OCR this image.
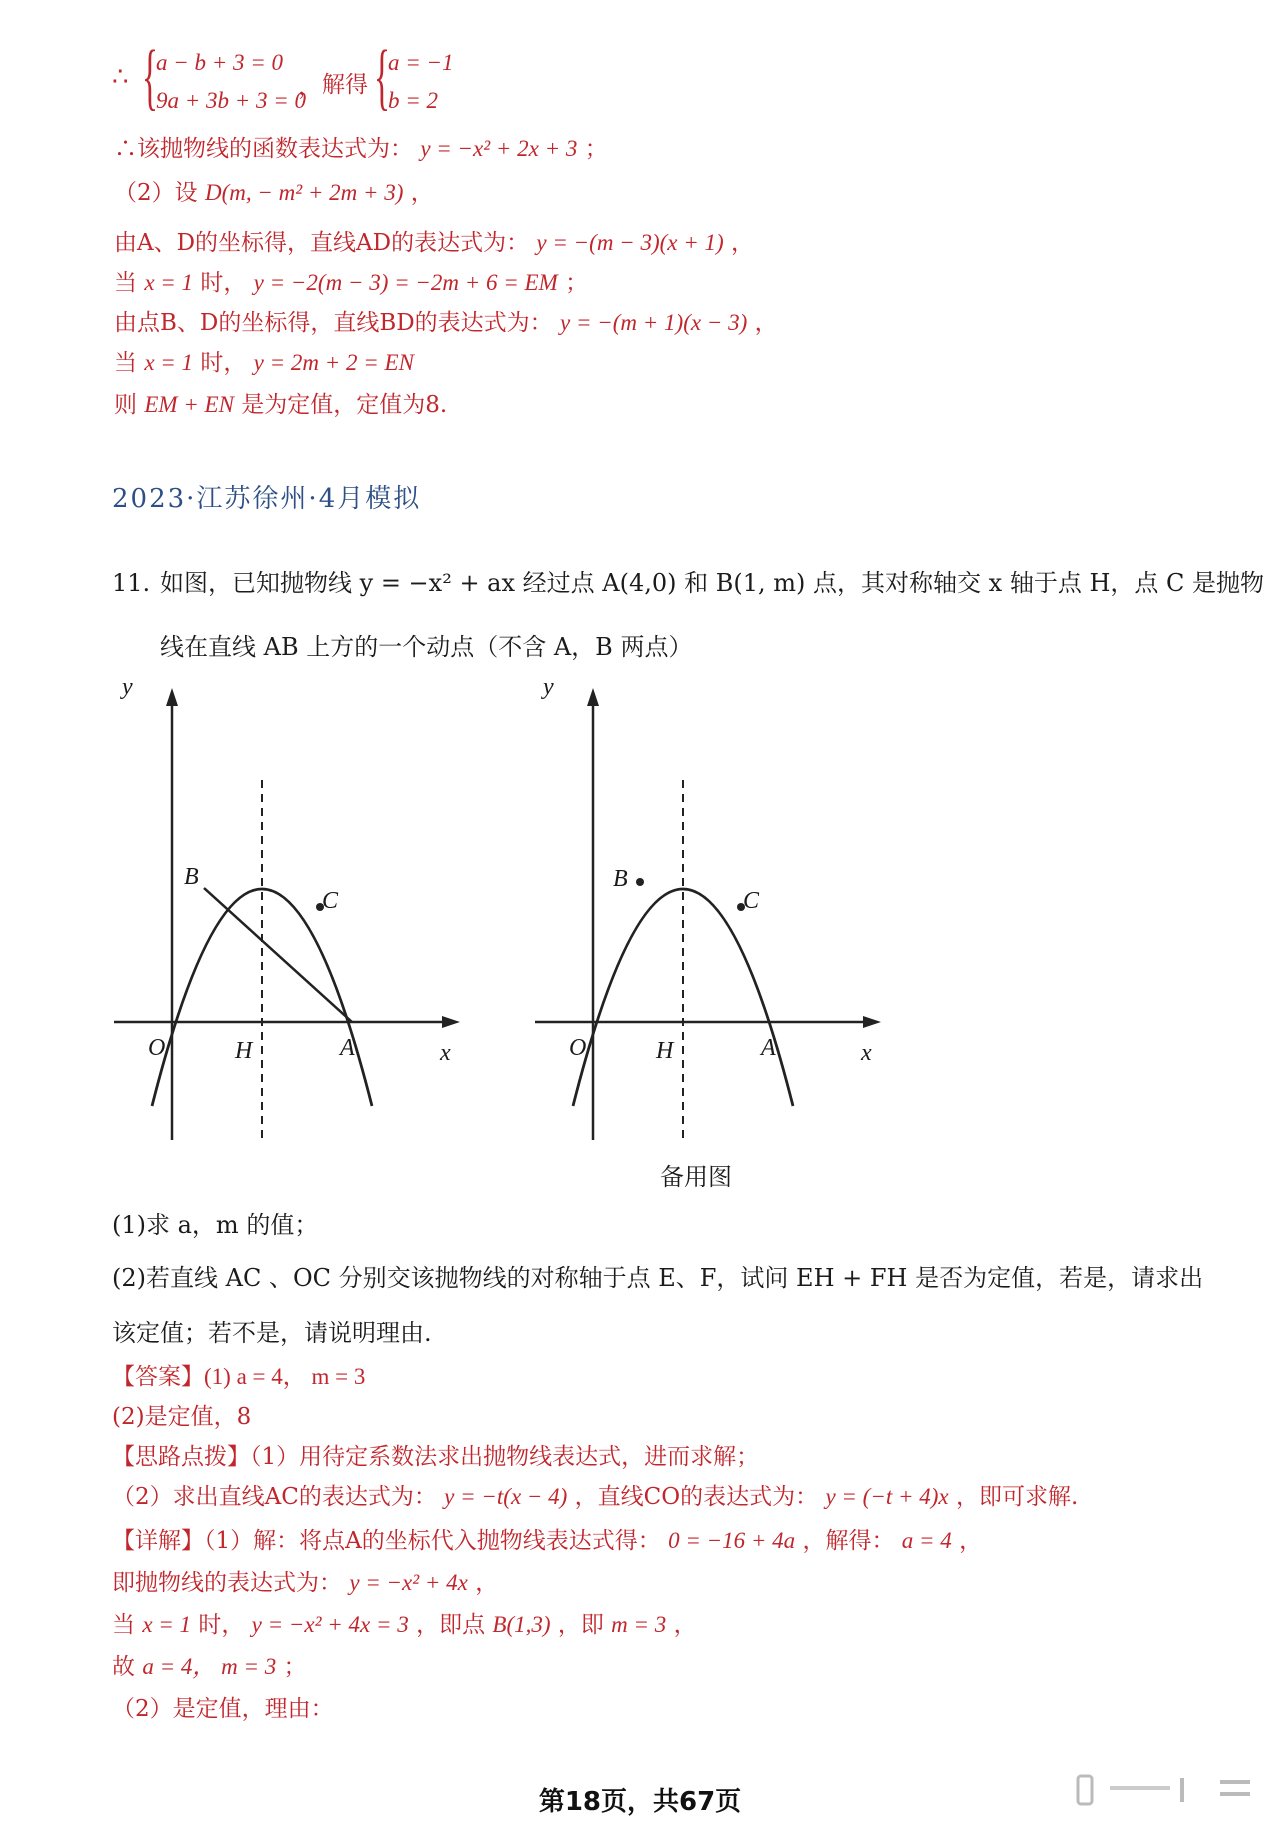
∴ {
a − b + 3 = 0
9a + 3b + 3 = 0
， 解得 {
a = −1
b = 2
∴该抛物线的函数表达式为： y = −x² + 2x + 3 ；
（2）设 D(m, − m² + 2m + 3) ，
由A、D的坐标得，直线AD的表达式为： y = −(m − 3)(x + 1) ，
当 x = 1 时， y = −2(m − 3) = −2m + 6 = EM ；
由点B、D的坐标得，直线BD的表达式为： y = −(m + 1)(x − 3) ，
当 x = 1 时， y = 2m + 2 = EN
则 EM + EN 是为定值，定值为8.
2023·江苏徐州·4月模拟
11. 如图，已知抛物线 y = −x² + ax 经过点 A(4,0) 和 B(1, m) 点，其对称轴交 x 轴于点 H，点 C 是抛物
线在直线 AB 上方的一个动点（不含 A，B 两点）
y
x
O	H	A
B
C
y
x
O	H	A
B
C
备用图
(1)求 a，m 的值；
(2)若直线 AC 、OC 分别交该抛物线的对称轴于点 E、F，试问 EH + FH 是否为定值，若是，请求出
该定值；若不是，请说明理由.
【答案】(1) a = 4， m = 3
(2)是定值，8
【思路点拨】（1）用待定系数法求出抛物线表达式，进而求解；
（2）求出直线AC的表达式为： y = −t(x − 4) ，直线CO的表达式为： y = (−t + 4)x ，即可求解.
【详解】（1）解：将点A的坐标代入抛物线表达式得： 0 = −16 + 4a ，解得： a = 4 ，
即抛物线的表达式为： y = −x² + 4x ，
当 x = 1 时， y = −x² + 4x = 3 ，即点 B(1,3) ，即 m = 3 ，
故 a = 4， m = 3 ；
（2）是定值，理由：
第18页，共67页
